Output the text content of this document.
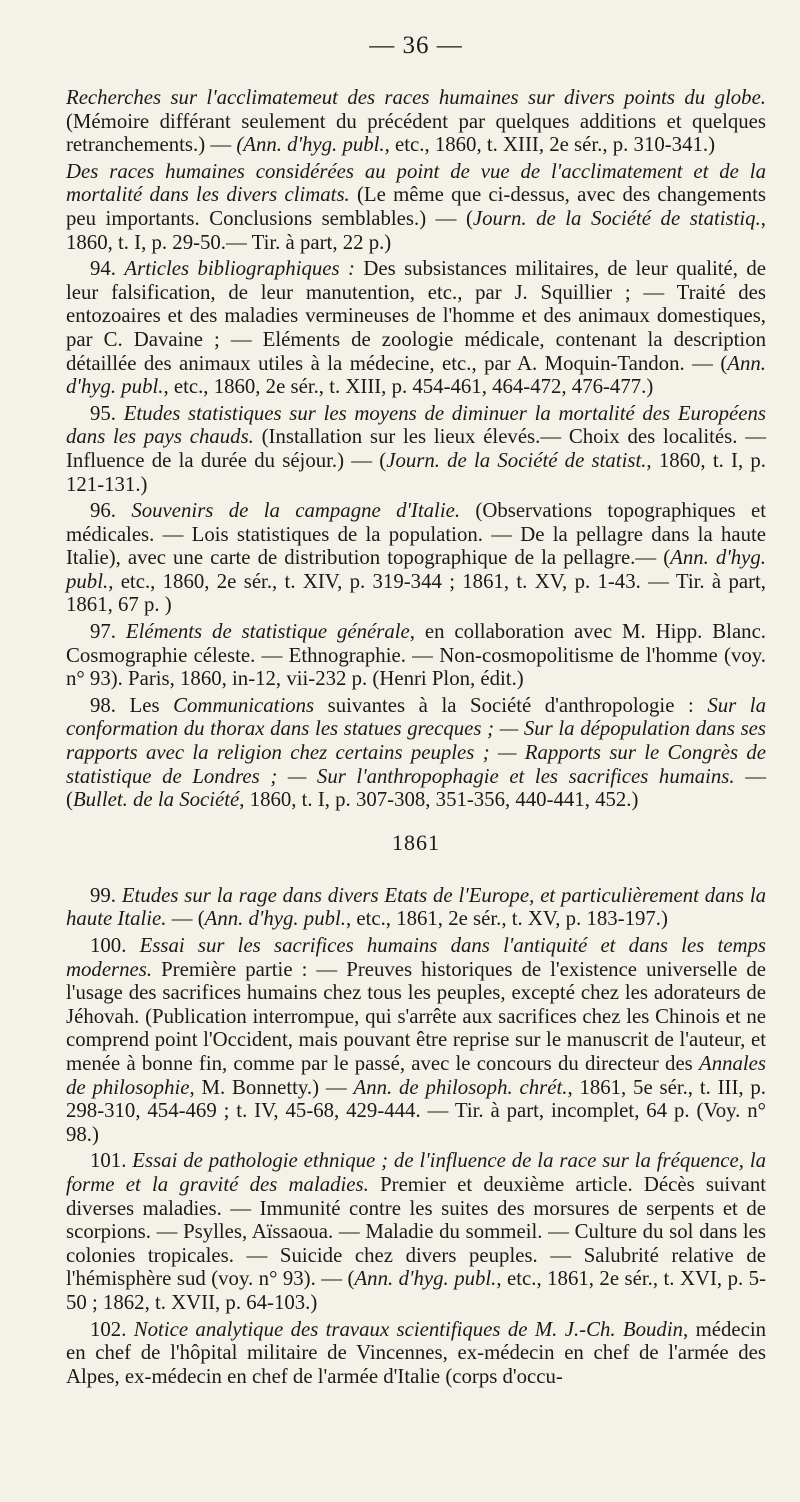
— 36 —

Recherches sur l'acclimatemeut des races humaines sur divers points du globe. (Mémoire différant seulement du précédent par quelques additions et quelques retranchements.) — (Ann. d'hyg. publ., etc., 1860, t. XIII, 2e sér., p. 310-341.)

Des races humaines considérées au point de vue de l'acclimatement et de la mortalité dans les divers climats. (Le même que ci-dessus, avec des changements peu importants. Conclusions semblables.) — (Journ. de la Société de statistiq., 1860, t. I, p. 29-50.— Tir. à part, 22 p.)

94. Articles bibliographiques : Des subsistances militaires, de leur qualité, de leur falsification, de leur manutention, etc., par J. Squillier ; — Traité des entozoaires et des maladies vermineuses de l'homme et des animaux domestiques, par C. Davaine ; — Eléments de zoologie médicale, contenant la description détaillée des animaux utiles à la médecine, etc., par A. Moquin-Tandon. — (Ann. d'hyg. publ., etc., 1860, 2e sér., t. XIII, p. 454-461, 464-472, 476-477.)

95. Etudes statistiques sur les moyens de diminuer la mortalité des Européens dans les pays chauds. (Installation sur les lieux élevés.— Choix des localités. — Influence de la durée du séjour.) — (Journ. de la Société de statist., 1860, t. I, p. 121-131.)

96. Souvenirs de la campagne d'Italie. (Observations topographiques et médicales. — Lois statistiques de la population. — De la pellagre dans la haute Italie), avec une carte de distribution topographique de la pellagre.— (Ann. d'hyg. publ., etc., 1860, 2e sér., t. XIV, p. 319-344 ; 1861, t. XV, p. 1-43. — Tir. à part, 1861, 67 p. )

97. Eléments de statistique générale, en collaboration avec M. Hipp. Blanc. Cosmographie céleste. — Ethnographie. — Non-cosmopolitisme de l'homme (voy. n° 93). Paris, 1860, in-12, vii-232 p. (Henri Plon, édit.)

98. Les Communications suivantes à la Société d'anthropologie : Sur la conformation du thorax dans les statues grecques ; — Sur la dépopulation dans ses rapports avec la religion chez certains peuples ; — Rapports sur le Congrès de statistique de Londres ; — Sur l'anthropophagie et les sacrifices humains. — (Bullet. de la Société, 1860, t. I, p. 307-308, 351-356, 440-441, 452.)

1861

99. Etudes sur la rage dans divers Etats de l'Europe, et particulièrement dans la haute Italie. — (Ann. d'hyg. publ., etc., 1861, 2e sér., t. XV, p. 183-197.)

100. Essai sur les sacrifices humains dans l'antiquité et dans les temps modernes. Première partie : — Preuves historiques de l'existence universelle de l'usage des sacrifices humains chez tous les peuples, excepté chez les adorateurs de Jéhovah. (Publication interrompue, qui s'arrête aux sacrifices chez les Chinois et ne comprend point l'Occident, mais pouvant être reprise sur le manuscrit de l'auteur, et menée à bonne fin, comme par le passé, avec le concours du directeur des Annales de philosophie, M. Bonnetty.) — Ann. de philosoph. chrét., 1861, 5e sér., t. III, p. 298-310, 454-469 ; t. IV, 45-68, 429-444. — Tir. à part, incomplet, 64 p. (Voy. n° 98.)

101. Essai de pathologie ethnique ; de l'influence de la race sur la fréquence, la forme et la gravité des maladies. Premier et deuxième article. Décès suivant diverses maladies. — Immunité contre les suites des morsures de serpents et de scorpions. — Psylles, Aïssaoua. — Maladie du sommeil. — Culture du sol dans les colonies tropicales. — Suicide chez divers peuples. — Salubrité relative de l'hémisphère sud (voy. n° 93). — (Ann. d'hyg. publ., etc., 1861, 2e sér., t. XVI, p. 5-50 ; 1862, t. XVII, p. 64-103.)

102. Notice analytique des travaux scientifiques de M. J.-Ch. Boudin, médecin en chef de l'hôpital militaire de Vincennes, ex-médecin en chef de l'armée des Alpes, ex-médecin en chef de l'armée d'Italie (corps d'occu-
